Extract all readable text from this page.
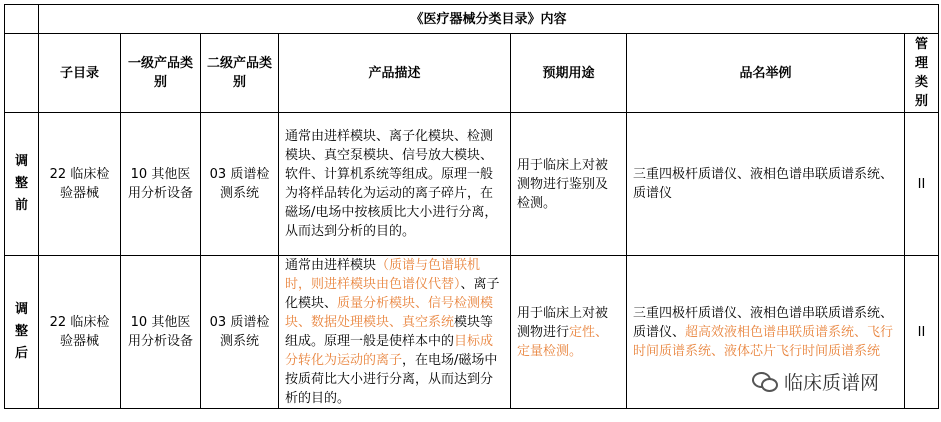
	《医疗器械分类目录》内容						
	子目录	一级产品类别	二级产品类别	产品描述	预期用途	品名举例	管理类别

调
整
前	22 临床检验器械	10 其他医用分析设备	03 质谱检测系统	通常由进样模块、离子化模块、检测模块、真空泵模块、信号放大模块、软件、计算机系统等组成。原理一般为将样品转化为运动的离子碎片，在磁场/电场中按核质比大小进行分离，从而达到分析的目的。	用于临床上对被测物进行鉴别及检测。	三重四极杆质谱仪、液相色谱串联质谱系统、质谱仪	II

调
整
后	22 临床检验器械	10 其他医用分析设备	03 质谱检测系统	通常由进样模块（质谱与色谱联机时，则进样模块由色谱仪代替）、离子化模块、质量分析模块、信号检测模块、数据处理模块、真空系统模块等组成。原理一般是使样本中的目标成分转化为运动的离子，在电场/磁场中按质荷比大小进行分离，从而达到分析的目的。	用于临床上对被测物进行定性、定量检测。	三重四极杆质谱仪、液相色谱串联质谱系统、质谱仪、超高效液相色谱串联质谱系统、飞行时间质谱系统、液体芯片飞行时间质谱系统	II
临床质谱网
